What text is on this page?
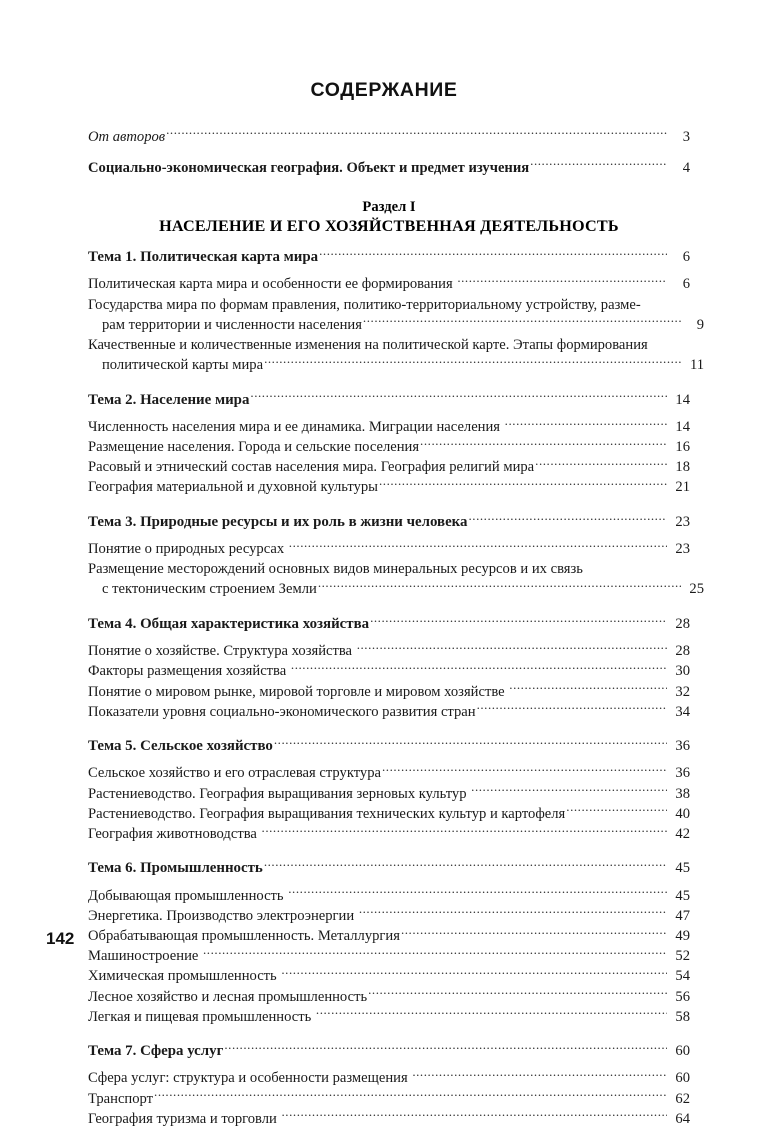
СОДЕРЖАНИЕ
От авторов .....	3
Социально-экономическая география. Объект и предмет изучения .....	4
Раздел I
НАСЕЛЕНИЕ И ЕГО ХОЗЯЙСТВЕННАЯ ДЕЯТЕЛЬНОСТЬ
Тема 1. Политическая карта мира .....	6
Политическая карта мира и особенности ее формирования .....	6
Государства мира по формам правления, политико-территориальному устройству, разме-
рам территории и численности населения .....	9
Качественные и количественные изменения на политической карте. Этапы формирования
политической карты мира .....	11
Тема 2. Население мира .....	14
Численность населения мира и ее динамика. Миграции населения .....	14
Размещение населения. Города и сельские поселения .....	16
Расовый и этнический состав населения мира. География религий мира .....	18
География материальной и духовной культуры .....	21
Тема 3. Природные ресурсы и их роль в жизни человека .....	23
Понятие о природных ресурсах .....	23
Размещение месторождений основных видов минеральных ресурсов и их связь
с тектоническим строением Земли .....	25
Тема 4. Общая характеристика хозяйства .....	28
Понятие о хозяйстве. Структура хозяйства .....	28
Факторы размещения хозяйства .....	30
Понятие о мировом рынке, мировой торговле и мировом хозяйстве .....	32
Показатели уровня социально-экономического развития стран .....	34
Тема 5. Сельское хозяйство .....	36
Сельское хозяйство и его отраслевая структура .....	36
Растениеводство. География выращивания зерновых культур .....	38
Растениеводство. География выращивания технических культур и картофеля .....	40
География животноводства .....	42
Тема 6. Промышленность .....	45
Добывающая промышленность .....	45
Энергетика. Производство электроэнергии .....	47
Обрабатывающая промышленность. Металлургия .....	49
Машиностроение .....	52
Химическая промышленность .....	54
Лесное хозяйство и лесная промышленность .....	56
Легкая и пищевая промышленность .....	58
Тема 7. Сфера услуг .....	60
Сфера услуг: структура и особенности размещения .....	60
Транспорт .....	62
География туризма и торговли .....	64
142
